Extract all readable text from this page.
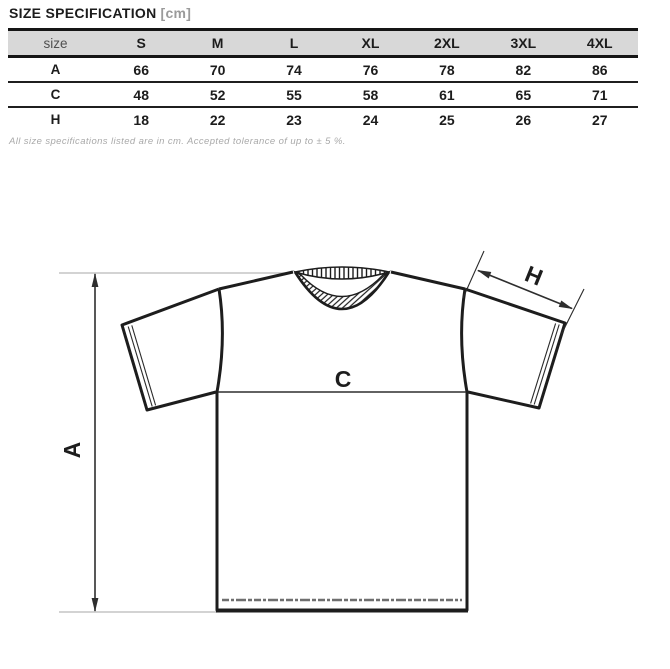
SIZE SPECIFICATION [cm]
size	S	M	L	XL	2XL	3XL	4XL
A	66	70	74	76	78	82	86
C	48	52	55	58	61	65	71
H	18	22	23	24	25	26	27
All size specifications listed are in cm. Accepted tolerance of up to ± 5 %.
A
C
H
